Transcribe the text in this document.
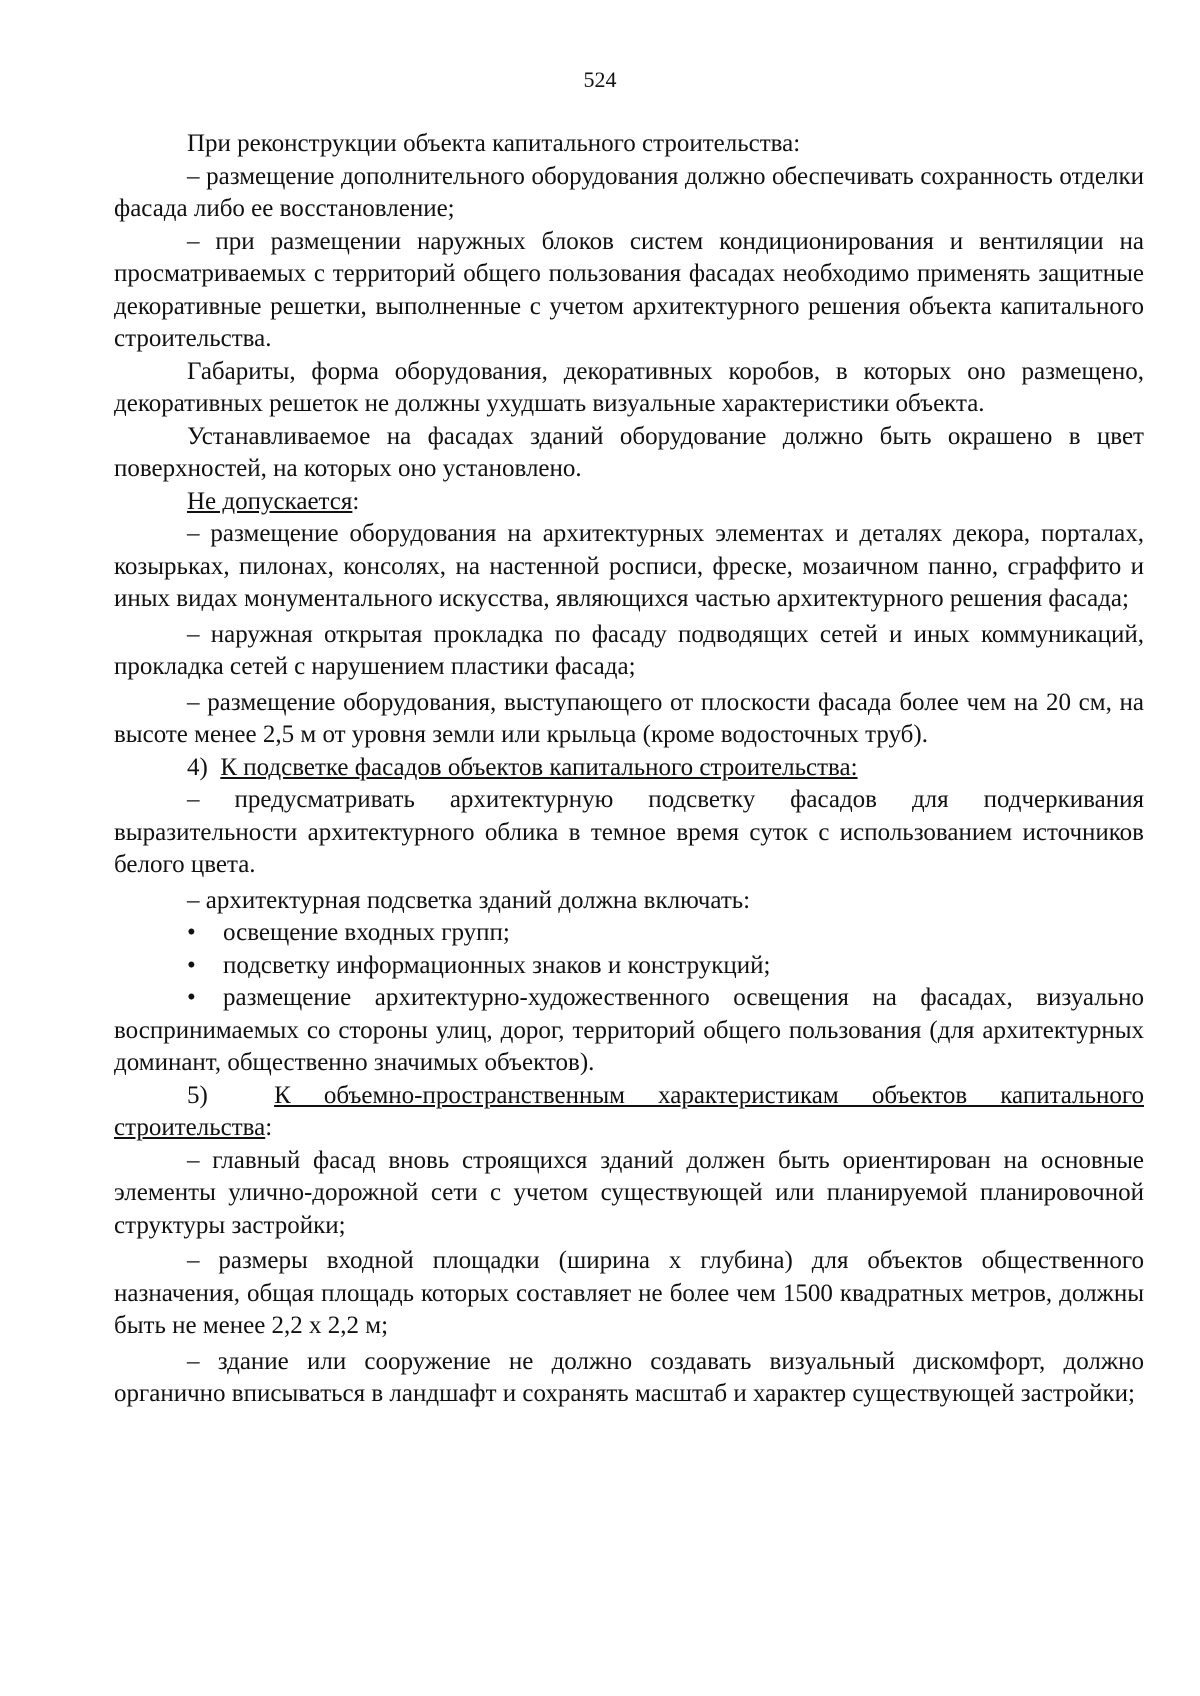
524

При реконструкции объекта капитального строительства:

– размещение дополнительного оборудования должно обеспечивать сохранность отделки фасада либо ее восстановление;

– при размещении наружных блоков систем кондиционирования и вентиляции на просматриваемых с территорий общего пользования фасадах необходимо применять защитные декоративные решетки, выполненные с учетом архитектурного решения объекта капитального строительства.

Габариты, форма оборудования, декоративных коробов, в которых оно размещено, декоративных решеток не должны ухудшать визуальные характеристики объекта.

Устанавливаемое на фасадах зданий оборудование должно быть окрашено в цвет поверхностей, на которых оно установлено.

Не допускается:

– размещение оборудования на архитектурных элементах и деталях декора, порталах, козырьках, пилонах, консолях, на настенной росписи, фреске, мозаичном панно, сграффито и иных видах монументального искусства, являющихся частью архитектурного решения фасада;

– наружная открытая прокладка по фасаду подводящих сетей и иных коммуникаций, прокладка сетей с нарушением пластики фасада;

– размещение оборудования, выступающего от плоскости фасада более чем на 20 см, на высоте менее 2,5 м от уровня земли или крыльца (кроме водосточных труб).

4) К подсветке фасадов объектов капитального строительства:

– предусматривать архитектурную подсветку фасадов для подчеркивания выразительности архитектурного облика в темное время суток с использованием источников белого цвета.

– архитектурная подсветка зданий должна включать:

• освещение входных групп;

• подсветку информационных знаков и конструкций;

• размещение архитектурно-художественного освещения на фасадах, визуально воспринимаемых со стороны улиц, дорог, территорий общего пользования (для архитектурных доминант, общественно значимых объектов).

5)	К объемно-пространственным характеристикам объектов капитального строительства:

– главный фасад вновь строящихся зданий должен быть ориентирован на основные элементы улично-дорожной сети с учетом существующей или планируемой планировочной структуры застройки;

– размеры входной площадки (ширина х глубина) для объектов общественного назначения, общая площадь которых составляет не более чем 1500 квадратных метров, должны быть не менее 2,2 х 2,2 м;

– здание или сооружение не должно создавать визуальный дискомфорт, должно органично вписываться в ландшафт и сохранять масштаб и характер существующей застройки;
